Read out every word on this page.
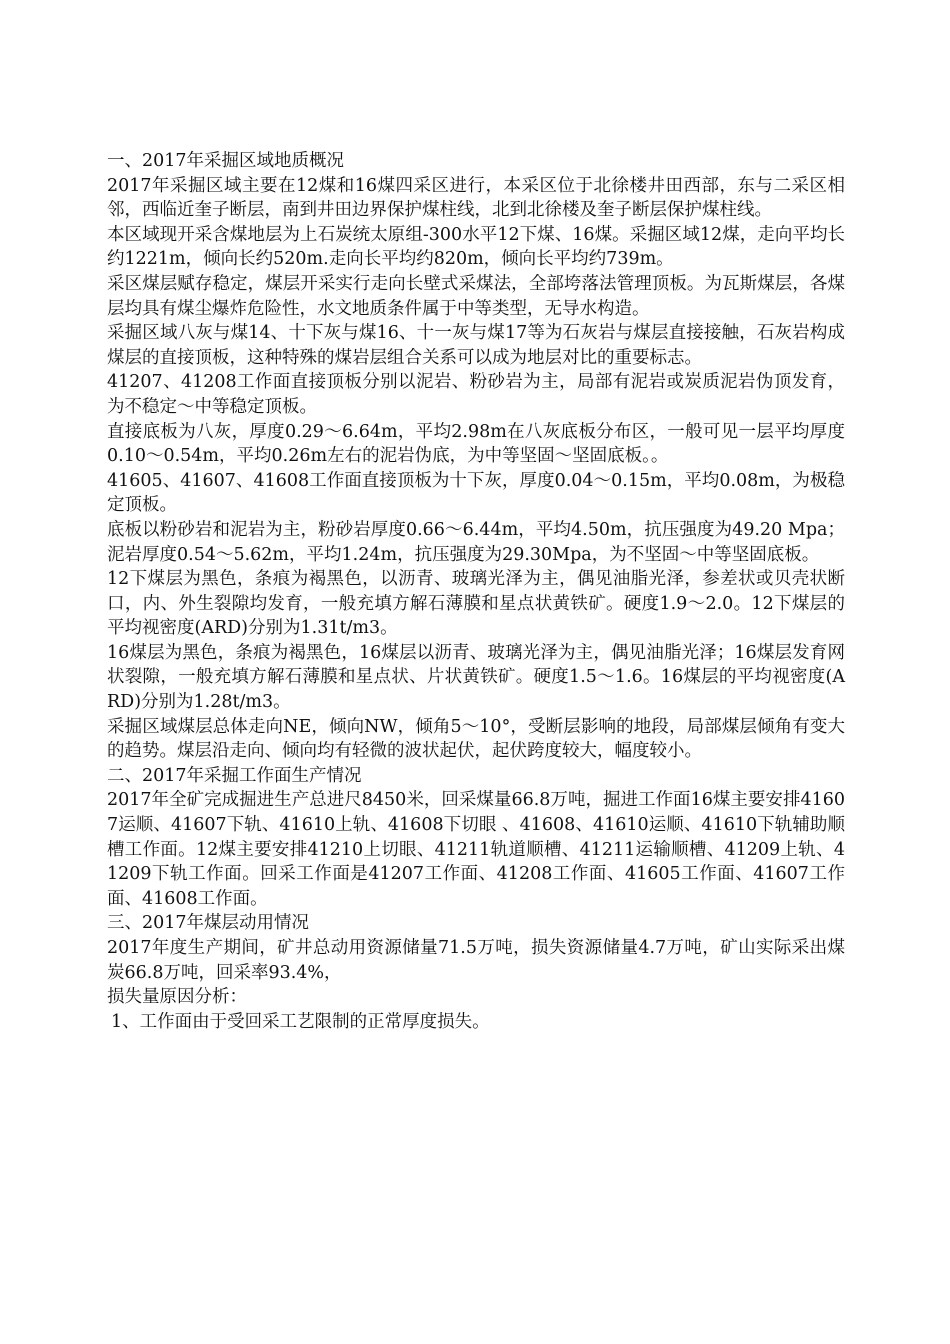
一、2017年采掘区域地质概况

2017年采掘区域主要在12煤和16煤四采区进行，本采区位于北徐楼井田西部，东与二采区相邻，西临近奎子断层，南到井田边界保护煤柱线，北到北徐楼及奎子断层保护煤柱线。

本区域现开采含煤地层为上石炭统太原组-300水平12下煤、16煤。采掘区域12煤，走向平均长约1221m，倾向长约520m.走向长平均约820m，倾向长平均约739m。

采区煤层赋存稳定，煤层开采实行走向长壁式采煤法，全部垮落法管理顶板。为瓦斯煤层，各煤层均具有煤尘爆炸危险性，水文地质条件属于中等类型，无导水构造。

采掘区域八灰与煤14、十下灰与煤16、十一灰与煤17等为石灰岩与煤层直接接触，石灰岩构成煤层的直接顶板，这种特殊的煤岩层组合关系可以成为地层对比的重要标志。

41207、41208工作面直接顶板分别以泥岩、粉砂岩为主，局部有泥岩或炭质泥岩伪顶发育，为不稳定～中等稳定顶板。

直接底板为八灰，厚度0.29～6.64m，平均2.98m在八灰底板分布区，一般可见一层平均厚度0.10～0.54m，平均0.26m左右的泥岩伪底，为中等坚固～坚固底板。。

41605、41607、41608工作面直接顶板为十下灰，厚度0.04～0.15m，平均0.08m，为极稳定顶板。

底板以粉砂岩和泥岩为主，粉砂岩厚度0.66～6.44m，平均4.50m，抗压强度为49.20 Mpa；泥岩厚度0.54～5.62m，平均1.24m，抗压强度为29.30Mpa，为不坚固～中等坚固底板。

12下煤层为黑色，条痕为褐黑色，以沥青、玻璃光泽为主，偶见油脂光泽，参差状或贝壳状断口，内、外生裂隙均发育，一般充填方解石薄膜和星点状黄铁矿。硬度1.9～2.0。12下煤层的平均视密度(ARD)分别为1.31t/m3。

16煤层为黑色，条痕为褐黑色，16煤层以沥青、玻璃光泽为主，偶见油脂光泽；16煤层发育网状裂隙，一般充填方解石薄膜和星点状、片状黄铁矿。硬度1.5～1.6。16煤层的平均视密度(ARD)分别为1.28t/m3。

采掘区域煤层总体走向NE，倾向NW，倾角5～10°，受断层影响的地段，局部煤层倾角有变大的趋势。煤层沿走向、倾向均有轻微的波状起伏，起伏跨度较大，幅度较小。

二、2017年采掘工作面生产情况

2017年全矿完成掘进生产总进尺8450米，回采煤量66.8万吨，掘进工作面16煤主要安排41607运顺、41607下轨、41610上轨、41608下切眼 、41608、41610运顺、41610下轨辅助顺槽工作面。12煤主要安排41210上切眼、41211轨道顺槽、41211运输顺槽、41209上轨、41209下轨工作面。回采工作面是41207工作面、41208工作面、41605工作面、41607工作面、41608工作面。

三、2017年煤层动用情况

2017年度生产期间，矿井总动用资源储量71.5万吨，损失资源储量4.7万吨，矿山实际采出煤炭66.8万吨，回采率93.4%，

损失量原因分析：

1、工作面由于受回采工艺限制的正常厚度损失。
